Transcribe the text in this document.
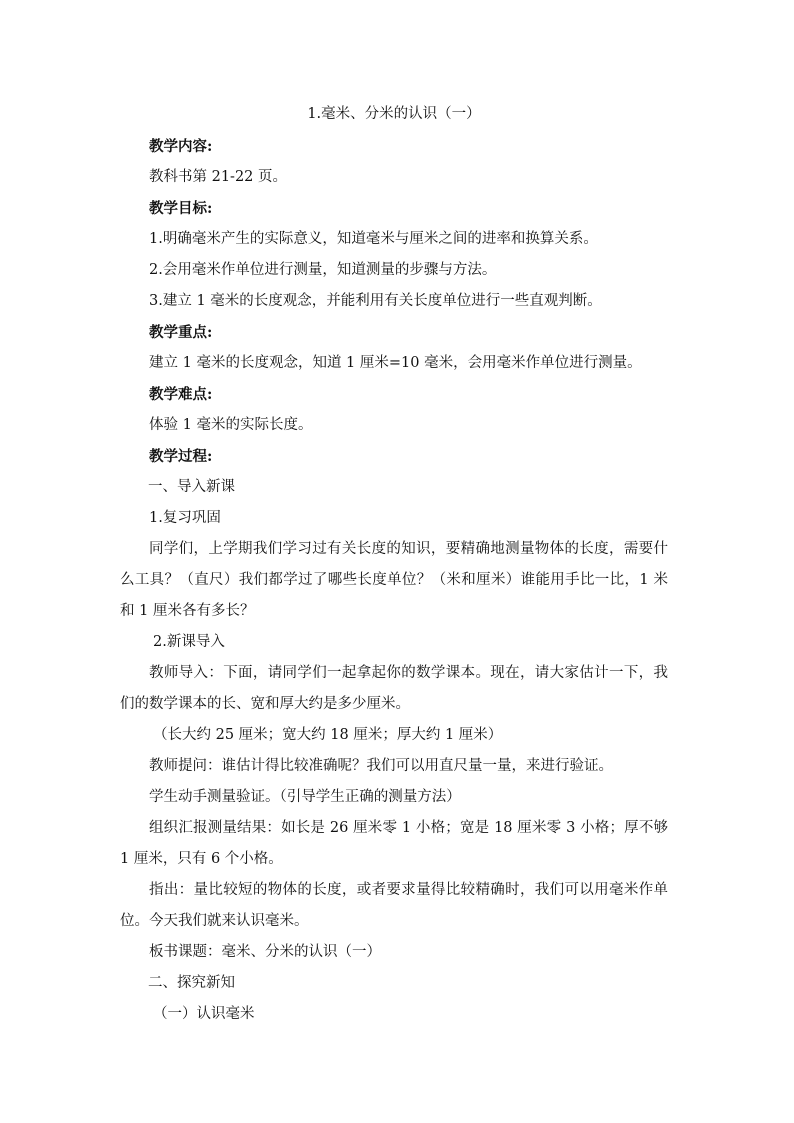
1.毫米、分米的认识（一）

教学内容:

教科书第 21-22 页。

教学目标:

1.明确毫米产生的实际意义，知道毫米与厘米之间的进率和换算关系。

2.会用毫米作单位进行测量，知道测量的步骤与方法。

3.建立 1 毫米的长度观念，并能利用有关长度单位进行一些直观判断。

教学重点:

建立 1 毫米的长度观念，知道 1 厘米=10 毫米，会用毫米作单位进行测量。

教学难点:

体验 1 毫米的实际长度。

教学过程:

一、导入新课

1.复习巩固

同学们，上学期我们学习过有关长度的知识，要精确地测量物体的长度，需要什么工具？（直尺）我们都学过了哪些长度单位？（米和厘米）谁能用手比一比，1 米和 1 厘米各有多长？

2.新课导入

教师导入：下面，请同学们一起拿起你的数学课本。现在，请大家估计一下，我们的数学课本的长、宽和厚大约是多少厘米。

（长大约 25 厘米；宽大约 18 厘米；厚大约 1 厘米）

教师提问：谁估计得比较准确呢？我们可以用直尺量一量，来进行验证。

学生动手测量验证。（引导学生正确的测量方法）

组织汇报测量结果：如长是 26 厘米零 1 小格；宽是 18 厘米零 3 小格；厚不够 1 厘米，只有 6 个小格。

指出：量比较短的物体的长度，或者要求量得比较精确时，我们可以用毫米作单位。今天我们就来认识毫米。

板书课题：毫米、分米的认识（一）

二、探究新知

（一）认识毫米
